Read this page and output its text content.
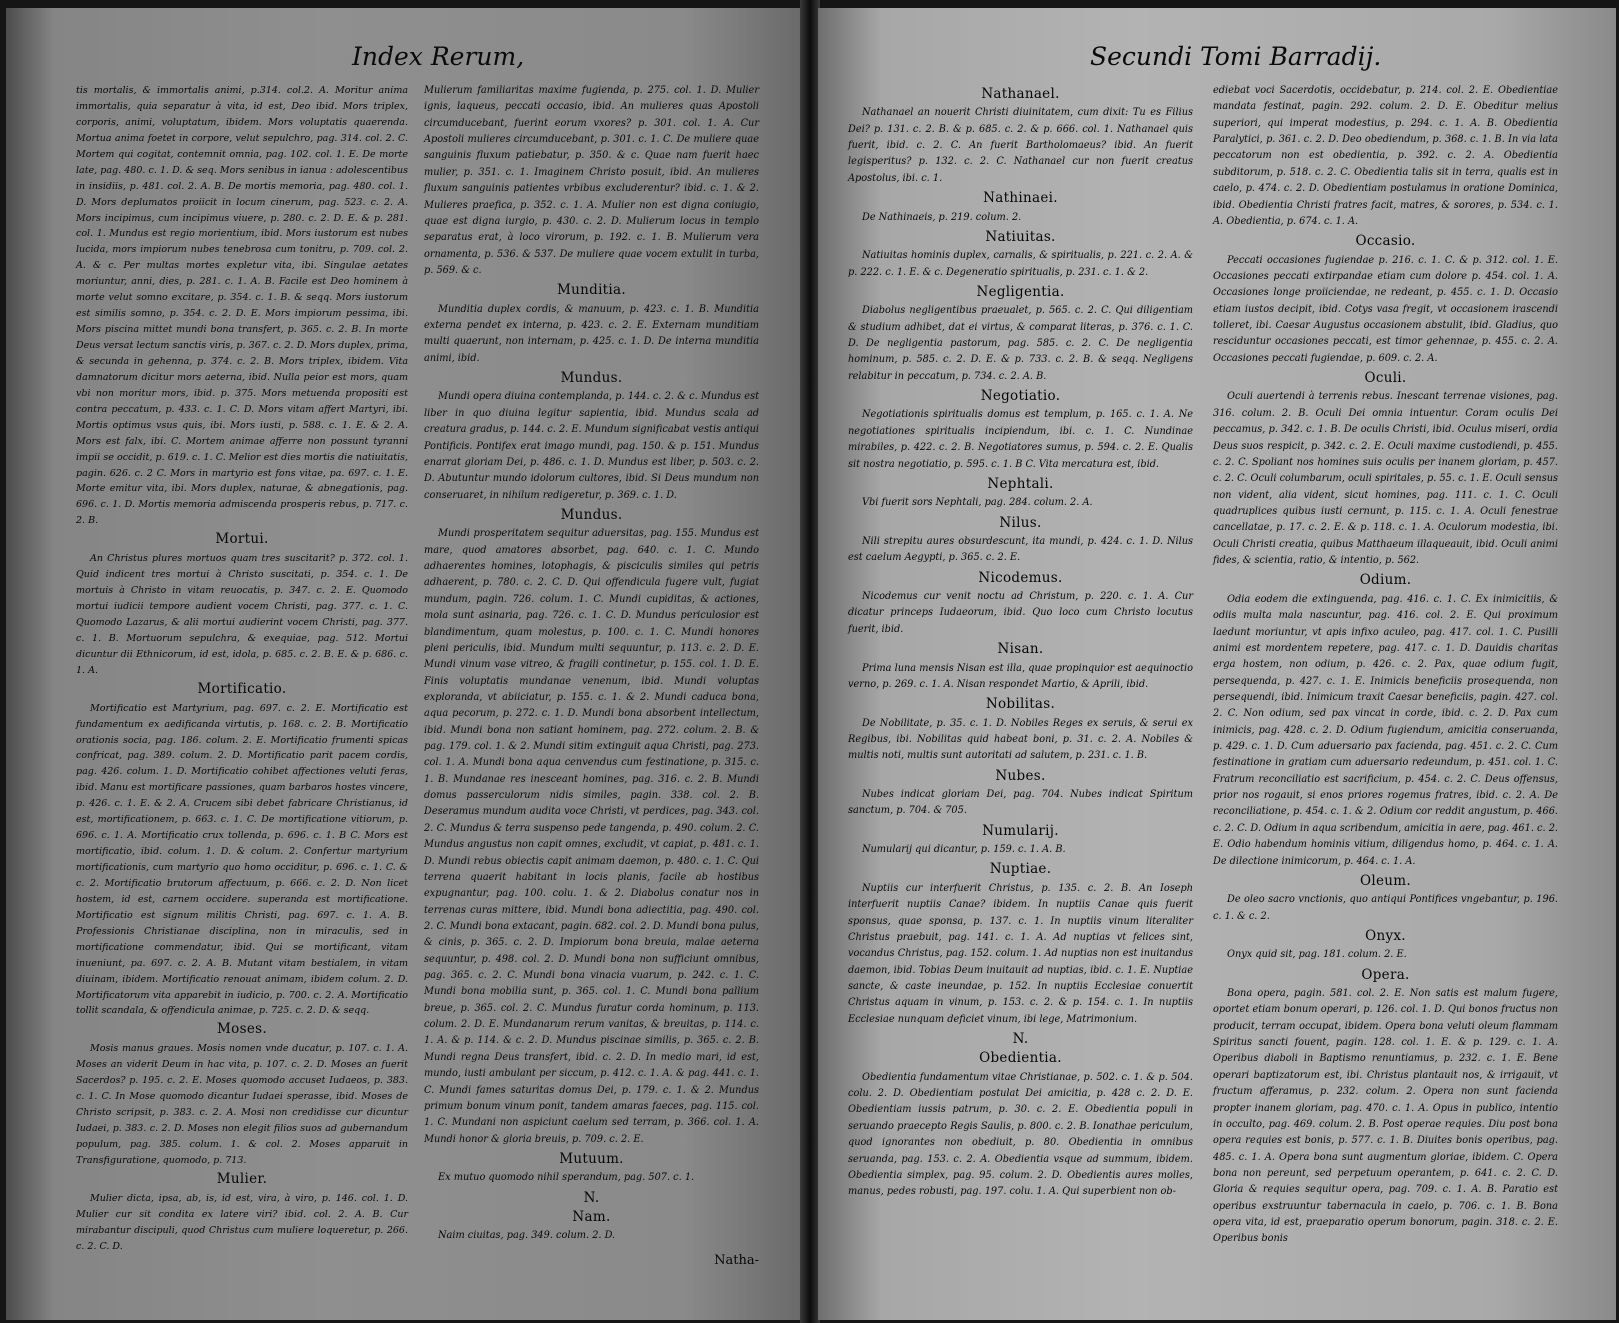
Index Rerum,

tis mortalis, & immortalis animi, p.314. col.2. A. Moritur anima immortalis, quia separatur à vita, id est, Deo ibid. Mors triplex, corporis, animi, voluptatum, ibidem. Mors voluptatis quaerenda. Mortua anima foetet in corpore, velut sepulchro, pag. 314. col. 2. C. Mortem qui cogitat, contemnit omnia, pag. 102. col. 1. E. De morte late, pag. 480. c. 1. D. & seq. Mors senibus in ianua : adolescentibus in insidiis, p. 481. col. 2. A. B. De mortis memoria, pag. 480. col. 1. D. Mors deplumatos proiicit in locum cinerum, pag. 523. c. 2. A. Mors incipimus, cum incipimus viuere, p. 280. c. 2. D. E. & p. 281. col. 1. Mundus est regio morientium, ibid. Mors iustorum est nubes lucida, mors impiorum nubes tenebrosa cum tonitru, p. 709. col. 2. A. & c. Per multas mortes expletur vita, ibi. Singulae aetates moriuntur, anni, dies, p. 281. c. 1. A. B. Facile est Deo hominem à morte velut somno excitare, p. 354. c. 1. B. & seqq. Mors iustorum est similis somno, p. 354. c. 2. D. E. Mors impiorum pessima, ibi. Mors piscina mittet mundi bona transfert, p. 365. c. 2. B. In morte Deus versat lectum sanctis viris, p. 367. c. 2. D. Mors duplex, prima, & secunda in gehenna, p. 374. c. 2. B. Mors triplex, ibidem. Vita damnatorum dicitur mors aeterna, ibid. Nulla peior est mors, quam vbi non moritur mors, ibid. p. 375. Mors metuenda propositi est contra peccatum, p. 433. c. 1. C. D. Mors vitam affert Martyri, ibi. Mortis optimus vsus quis, ibi. Mors iusti, p. 588. c. 1. E. & 2. A. Mors est falx, ibi. C. Mortem animae afferre non possunt tyranni impii se occidit, p. 619. c. 1. C. Melior est dies mortis die natiuitatis, pagin. 626. c. 2 C. Mors in martyrio est fons vitae, pa. 697. c. 1. E. Morte emitur vita, ibi. Mors duplex, naturae, & abnegationis, pag. 696. c. 1. D. Mortis memoria admiscenda prosperis rebus, p. 717. c. 2. B.

Mortui.

An Christus plures mortuos quam tres suscitarit? p. 372. col. 1. Quid indicent tres mortui à Christo suscitati, p. 354. c. 1. De mortuis à Christo in vitam reuocatis, p. 347. c. 2. E. Quomodo mortui iudicii tempore audient vocem Christi, pag. 377. c. 1. C. Quomodo Lazarus, & alii mortui audierint vocem Christi, pag. 377. c. 1. B. Mortuorum sepulchra, & exequiae, pag. 512. Mortui dicuntur dii Ethnicorum, id est, idola, p. 685. c. 2. B. E. & p. 686. c. 1. A.

Mortificatio.

Mortificatio est Martyrium, pag. 697. c. 2. E. Mortificatio est fundamentum ex aedificanda virtutis, p. 168. c. 2. B. Mortificatio orationis socia, pag. 186. colum. 2. E. Mortificatio frumenti spicas confricat, pag. 389. colum. 2. D. Mortificatio parit pacem cordis, pag. 426. colum. 1. D. Mortificatio cohibet affectiones veluti feras, ibid. Manu est mortificare passiones, quam barbaros hostes vincere, p. 426. c. 1. E. & 2. A. Crucem sibi debet fabricare Christianus, id est, mortificationem, p. 663. c. 1. C. De mortificatione vitiorum, p. 696. c. 1. A. Mortificatio crux tollenda, p. 696. c. 1. B C. Mors est mortificatio, ibid. colum. 1. D. & colum. 2. Confertur martyrium mortificationis, cum martyrio quo homo occiditur, p. 696. c. 1. C. & c. 2. Mortificatio brutorum affectuum, p. 666. c. 2. D. Non licet hostem, id est, carnem occidere. superanda est mortificatione. Mortificatio est signum militis Christi, pag. 697. c. 1. A. B. Professionis Christianae disciplina, non in miraculis, sed in mortificatione commendatur, ibid. Qui se mortificant, vitam inueniunt, pa. 697. c. 2. A. B. Mutant vitam bestialem, in vitam diuinam, ibidem. Mortificatio renouat animam, ibidem colum. 2. D. Mortificatorum vita apparebit in iudicio, p. 700. c. 2. A. Mortificatio tollit scandala, & offendicula animae, p. 725. c. 2. D. & seqq.

Moses.

Mosis manus graues. Mosis nomen vnde ducatur, p. 107. c. 1. A. Moses an viderit Deum in hac vita, p. 107. c. 2. D. Moses an fuerit Sacerdos? p. 195. c. 2. E. Moses quomodo accuset Iudaeos, p. 383. c. 1. C. In Mose quomodo dicantur Iudaei sperasse, ibid. Moses de Christo scripsit, p. 383. c. 2. A. Mosi non credidisse cur dicuntur Iudaei, p. 383. c. 2. D. Moses non elegit filios suos ad gubernandum populum, pag. 385. colum. 1. & col. 2. Moses apparuit in Transfiguratione, quomodo, p. 713.

Mulier.

Mulier dicta, ipsa, ab, is, id est, vira, à viro, p. 146. col. 1. D. Mulier cur sit condita ex latere viri? ibid. col. 2. A. B. Cur mirabantur discipuli, quod Christus cum muliere loqueretur, p. 266. c. 2. C. D.

Mulierum familiaritas maxime fugienda, p. 275. col. 1. D. Mulier ignis, laqueus, peccati occasio, ibid. An mulieres quas Apostoli circumducebant, fuerint eorum vxores? p. 301. col. 1. A. Cur Apostoli mulieres circumducebant, p. 301. c. 1. C. De muliere quae sanguinis fluxum patiebatur, p. 350. & c. Quae nam fuerit haec mulier, p. 351. c. 1. Imaginem Christo posuit, ibid. An mulieres fluxum sanguinis patientes vrbibus excluderentur? ibid. c. 1. & 2. Mulieres praefica, p. 352. c. 1. A. Mulier non est digna coniugio, quae est digna iurgio, p. 430. c. 2. D. Mulierum locus in templo separatus erat, à loco virorum, p. 192. c. 1. B. Mulierum vera ornamenta, p. 536. & 537. De muliere quae vocem extulit in turba, p. 569. & c.

Munditia.

Munditia duplex cordis, & manuum, p. 423. c. 1. B. Munditia externa pendet ex interna, p. 423. c. 2. E. Externam munditiam multi quaerunt, non internam, p. 425. c. 1. D. De interna munditia animi, ibid.

Mundus.

Mundi opera diuina contemplanda, p. 144. c. 2. & c. Mundus est liber in quo diuina legitur sapientia, ibid. Mundus scala ad creatura gradus, p. 144. c. 2. E. Mundum significabat vestis antiqui Pontificis. Pontifex erat imago mundi, pag. 150. & p. 151. Mundus enarrat gloriam Dei, p. 486. c. 1. D. Mundus est liber, p. 503. c. 2. D. Abutuntur mundo idolorum cultores, ibid. Si Deus mundum non conseruaret, in nihilum redigeretur, p. 369. c. 1. D.

Mundus.

Mundi prosperitatem sequitur aduersitas, pag. 155. Mundus est mare, quod amatores absorbet, pag. 640. c. 1. C. Mundo adhaerentes homines, lotophagis, & pisciculis similes qui petris adhaerent, p. 780. c. 2. C. D. Qui offendicula fugere vult, fugiat mundum, pagin. 726. colum. 1. C. Mundi cupiditas, & actiones, mola sunt asinaria, pag. 726. c. 1. C. D. Mundus periculosior est blandimentum, quam molestus, p. 100. c. 1. C. Mundi honores pleni periculis, ibid. Mundum multi sequuntur, p. 113. c. 2. D. E. Mundi vinum vase vitreo, & fragili continetur, p. 155. col. 1. D. E. Finis voluptatis mundanae venenum, ibid. Mundi voluptas exploranda, vt abiiciatur, p. 155. c. 1. & 2. Mundi caduca bona, aqua pecorum, p. 272. c. 1. D. Mundi bona absorbent intellectum, ibid. Mundi bona non satiant hominem, pag. 272. colum. 2. B. & pag. 179. col. 1. & 2. Mundi sitim extinguit aqua Christi, pag. 273. col. 1. A. Mundi bona aqua cenvendus cum festinatione, p. 315. c. 1. B. Mundanae res inesceant homines, pag. 316. c. 2. B. Mundi domus passerculorum nidis similes, pagin. 338. col. 2. B. Deseramus mundum audita voce Christi, vt perdices, pag. 343. col. 2. C. Mundus & terra suspenso pede tangenda, p. 490. colum. 2. C. Mundus angustus non capit omnes, excludit, vt capiat, p. 481. c. 1. D. Mundi rebus obiectis capit animam daemon, p. 480. c. 1. C. Qui terrena quaerit habitant in locis planis, facile ab hostibus expugnantur, pag. 100. colu. 1. & 2. Diabolus conatur nos in terrenas curas mittere, ibid. Mundi bona adiectitia, pag. 490. col. 2. C. Mundi bona extacant, pagin. 682. col. 2. D. Mundi bona pulus, & cinis, p. 365. c. 2. D. Impiorum bona breuia, malae aeterna sequuntur, p. 498. col. 2. D. Mundi bona non sufficiunt omnibus, pag. 365. c. 2. C. Mundi bona vinacia vuarum, p. 242. c. 1. C. Mundi bona mobilia sunt, p. 365. col. 1. C. Mundi bona pallium breue, p. 365. col. 2. C. Mundus furatur corda hominum, p. 113. colum. 2. D. E. Mundanarum rerum vanitas, & breuitas, p. 114. c. 1. A. & p. 114. & c. 2. D. Mundus piscinae similis, p. 365. c. 2. B. Mundi regna Deus transfert, ibid. c. 2. D. In medio mari, id est, mundo, iusti ambulant per siccum, p. 412. c. 1. A. & pag. 441. c. 1. C. Mundi fames saturitas domus Dei, p. 179. c. 1. & 2. Mundus primum bonum vinum ponit, tandem amaras faeces, pag. 115. col. 1. C. Mundani non aspiciunt caelum sed terram, p. 366. col. 1. A. Mundi honor & gloria breuis, p. 709. c. 2. E.

Mutuum.

Ex mutuo quomodo nihil sperandum, pag. 507. c. 1.

N.
Nam.

Naim ciuitas, pag. 349. colum. 2. D.

Natha-
Secundi Tomi Barradij.
Nathanael.

Nathanael an nouerit Christi diuinitatem, cum dixit: Tu es Filius Dei? p. 131. c. 2. B. & p. 685. c. 2. & p. 666. col. 1. Nathanael quis fuerit, ibid. c. 2. C. An fuerit Bartholomaeus? ibid. An fuerit legisperitus? p. 132. c. 2. C. Nathanael cur non fuerit creatus Apostolus, ibi. c. 1.

Nathinaei.

De Nathinaeis, p. 219. colum. 2.

Natiuitas.

Natiuitas hominis duplex, carnalis, & spiritualis, p. 221. c. 2. A. & p. 222. c. 1. E. & c. Degeneratio spiritualis, p. 231. c. 1. & 2.

Negligentia.

Diabolus negligentibus praeualet, p. 565. c. 2. C. Qui diligentiam & studium adhibet, dat ei virtus, & comparat literas, p. 376. c. 1. C. D. De negligentia pastorum, pag. 585. c. 2. C. De negligentia hominum, p. 585. c. 2. D. E. & p. 733. c. 2. B. & seqq. Negligens relabitur in peccatum, p. 734. c. 2. A. B.

Negotiatio.

Negotiationis spiritualis domus est templum, p. 165. c. 1. A. Ne negotiationes spiritualis incipiendum, ibi. c. 1. C. Nundinae mirabiles, p. 422. c. 2. B. Negotiatores sumus, p. 594. c. 2. E. Qualis sit nostra negotiatio, p. 595. c. 1. B C. Vita mercatura est, ibid.

Nephtali.

Vbi fuerit sors Nephtali, pag. 284. colum. 2. A.

Nilus.

Nili strepitu aures obsurdescunt, ita mundi, p. 424. c. 1. D. Nilus est caelum Aegypti, p. 365. c. 2. E.

Nicodemus.

Nicodemus cur venit noctu ad Christum, p. 220. c. 1. A. Cur dicatur princeps Iudaeorum, ibid. Quo loco cum Christo locutus fuerit, ibid.

Nisan.

Prima luna mensis Nisan est illa, quae propinquior est aequinoctio verno, p. 269. c. 1. A. Nisan respondet Martio, & Aprili, ibid.

Nobilitas.

De Nobilitate, p. 35. c. 1. D. Nobiles Reges ex seruis, & serui ex Regibus, ibi. Nobilitas quid habeat boni, p. 31. c. 2. A. Nobiles & multis noti, multis sunt autoritati ad salutem, p. 231. c. 1. B.

Nubes.

Nubes indicat gloriam Dei, pag. 704. Nubes indicat Spiritum sanctum, p. 704. & 705.

Numularij.

Numularij qui dicantur, p. 159. c. 1. A. B.

Nuptiae.

Nuptiis cur interfuerit Christus, p. 135. c. 2. B. An Ioseph interfuerit nuptiis Canae? ibidem. In nuptiis Canae quis fuerit sponsus, quae sponsa, p. 137. c. 1. In nuptiis vinum literaliter Christus praebuit, pag. 141. c. 1. A. Ad nuptias vt felices sint, vocandus Christus, pag. 152. colum. 1. Ad nuptias non est inuitandus daemon, ibid. Tobias Deum inuitauit ad nuptias, ibid. c. 1. E. Nuptiae sancte, & caste ineundae, p. 152. In nuptiis Ecclesiae conuertit Christus aquam in vinum, p. 153. c. 2. & p. 154. c. 1. In nuptiis Ecclesiae nunquam deficiet vinum, ibi lege, Matrimonium.

N.
Obedientia.

Obedientia fundamentum vitae Christianae, p. 502. c. 1. & p. 504. colu. 2. D. Obedientiam postulat Dei amicitia, p. 428 c. 2. D. E. Obedientiam iussis patrum, p. 30. c. 2. E. Obedientia populi in seruando praecepto Regis Saulis, p. 800. c. 2. B. Ionathae periculum, quod ignorantes non obediuit, p. 80. Obedientia in omnibus seruanda, pag. 153. c. 2. A. Obedientia vsque ad summum, ibidem. Obedientia simplex, pag. 95. colum. 2. D. Obedientis aures molles, manus, pedes robusti, pag. 197. colu. 1. A. Qui superbient non ob-

ediebat voci Sacerdotis, occidebatur, p. 214. col. 2. E. Obedientiae mandata festinat, pagin. 292. colum. 2. D. E. Obeditur melius superiori, qui imperat modestius, p. 294. c. 1. A. B. Obedientia Paralytici, p. 361. c. 2. D. Deo obediendum, p. 368. c. 1. B. In via lata peccatorum non est obedientia, p. 392. c. 2. A. Obedientia subditorum, p. 518. c. 2. C. Obedientia talis sit in terra, qualis est in caelo, p. 474. c. 2. D. Obedientiam postulamus in oratione Dominica, ibid. Obedientia Christi fratres facit, matres, & sorores, p. 534. c. 1. A. Obedientia, p. 674. c. 1. A.

Occasio.

Peccati occasiones fugiendae p. 216. c. 1. C. & p. 312. col. 1. E. Occasiones peccati extirpandae etiam cum dolore p. 454. col. 1. A. Occasiones longe proiiciendae, ne redeant, p. 455. c. 1. D. Occasio etiam iustos decipit, ibid. Cotys vasa fregit, vt occasionem irascendi tolleret, ibi. Caesar Augustus occasionem abstulit, ibid. Gladius, quo resciduntur occasiones peccati, est timor gehennae, p. 455. c. 2. A. Occasiones peccati fugiendae, p. 609. c. 2. A.

Oculi.

Oculi auertendi à terrenis rebus. Inescant terrenae visiones, pag. 316. colum. 2. B. Oculi Dei omnia intuentur. Coram oculis Dei peccamus, p. 342. c. 1. B. De oculis Christi, ibid. Oculus miseri, ordia Deus suos respicit, p. 342. c. 2. E. Oculi maxime custodiendi, p. 455. c. 2. C. Spoliant nos homines suis oculis per inanem gloriam, p. 457. c. 2. C. Oculi columbarum, oculi spiritales, p. 55. c. 1. E. Oculi sensus non vident, alia vident, sicut homines, pag. 111. c. 1. C. Oculi quadruplices quibus iusti cernunt, p. 115. c. 1. A. Oculi fenestrae cancellatae, p. 17. c. 2. E. & p. 118. c. 1. A. Oculorum modestia, ibi. Oculi Christi creatia, quibus Matthaeum illaqueauit, ibid. Oculi animi fides, & scientia, ratio, & intentio, p. 562.

Odium.

Odia eodem die extinguenda, pag. 416. c. 1. C. Ex inimicitiis, & odiis multa mala nascuntur, pag. 416. col. 2. E. Qui proximum laedunt moriuntur, vt apis infixo aculeo, pag. 417. col. 1. C. Pusilli animi est mordentem repetere, pag. 417. c. 1. D. Dauidis charitas erga hostem, non odium, p. 426. c. 2. Pax, quae odium fugit, persequenda, p. 427. c. 1. E. Inimicis beneficiis prosequenda, non persequendi, ibid. Inimicum traxit Caesar beneficiis, pagin. 427. col. 2. C. Non odium, sed pax vincat in corde, ibid. c. 2. D. Pax cum inimicis, pag. 428. c. 2. D. Odium fugiendum, amicitia conseruanda, p. 429. c. 1. D. Cum aduersario pax facienda, pag. 451. c. 2. C. Cum festinatione in gratiam cum aduersario redeundum, p. 451. col. 1. C. Fratrum reconciliatio est sacrificium, p. 454. c. 2. C. Deus offensus, prior nos rogauit, si enos priores rogemus fratres, ibid. c. 2. A. De reconciliatione, p. 454. c. 1. & 2. Odium cor reddit angustum, p. 466. c. 2. C. D. Odium in aqua scribendum, amicitia in aere, pag. 461. c. 2. E. Odio habendum hominis vitium, diligendus homo, p. 464. c. 1. A. De dilectione inimicorum, p. 464. c. 1. A.

Oleum.

De oleo sacro vnctionis, quo antiqui Pontifices vngebantur, p. 196. c. 1. & c. 2.

Onyx.

Onyx quid sit, pag. 181. colum. 2. E.

Opera.

Bona opera, pagin. 581. col. 2. E. Non satis est malum fugere, oportet etiam bonum operari, p. 126. col. 1. D. Qui bonos fructus non producit, terram occupat, ibidem. Opera bona veluti oleum flammam Spiritus sancti fouent, pagin. 128. col. 1. E. & p. 129. c. 1. A. Operibus diaboli in Baptismo renuntiamus, p. 232. c. 1. E. Bene operari baptizatorum est, ibi. Christus plantauit nos, & irrigauit, vt fructum afferamus, p. 232. colum. 2. Opera non sunt facienda propter inanem gloriam, pag. 470. c. 1. A. Opus in publico, intentio in occulto, pag. 469. colum. 2. B. Post operae requies. Diu post bona opera requies est bonis, p. 577. c. 1. B. Diuites bonis operibus, pag. 485. c. 1. A. Opera bona sunt augmentum gloriae, ibidem. C. Opera bona non pereunt, sed perpetuum operantem, p. 641. c. 2. C. D. Gloria & requies sequitur opera, pag. 709. c. 1. A. B. Paratio est operibus exstruuntur tabernacula in caelo, p. 706. c. 1. B. Bona opera vita, id est, praeparatio operum bonorum, pagin. 318. c. 2. E. Operibus bonis
